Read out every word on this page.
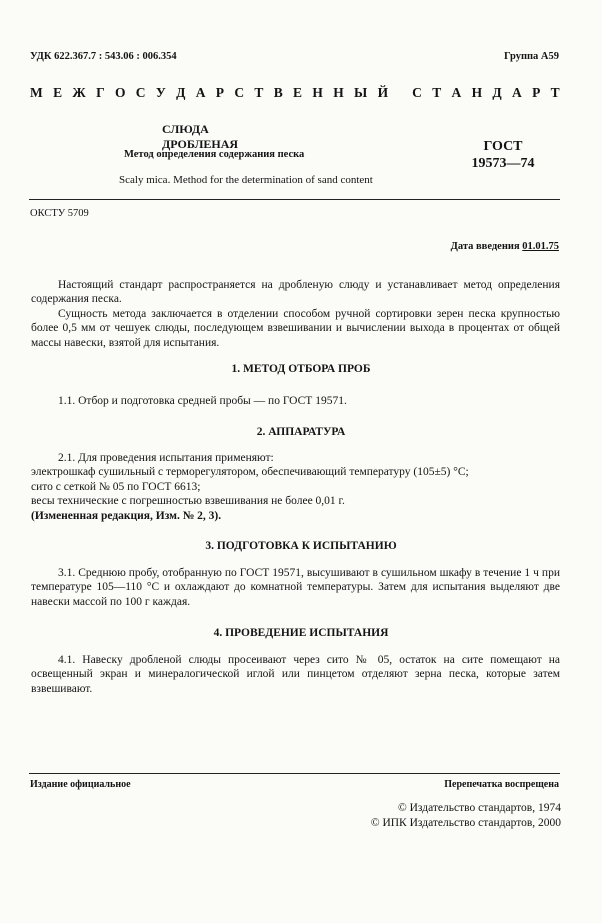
УДК 622.367.7 : 543.06 : 006.354	Группа А59
М Е Ж Г О С У Д А Р С Т В Е Н Н Ы Й
С Т А Н Д А Р Т
СЛЮДА ДРОБЛЕНАЯ
Метод определения содержания песка
Scaly mica. Method for the determination of sand content
ГОСТ
19573—74
ОКСТУ 5709
Дата введения 01.01.75

Настоящий стандарт распространяется на дробленую слюду и устанавливает метод определения содержания песка.

Сущность метода заключается в отделении способом ручной сортировки зерен песка крупностью более 0,5 мм от чешуек слюды, последующем взвешивании и вычислении выхода в процентах от общей массы навески, взятой для испытания.

1. МЕТОД ОТБОРА ПРОБ

1.1. Отбор и подготовка средней пробы — по ГОСТ 19571.

2. АППАРАТУРА
2.1. Для проведения испытания применяют:
электрошкаф сушильный с терморегулятором, обеспечивающий температуру (105±5) °С;
сито с сеткой № 05 по ГОСТ 6613;
весы технические с погрешностью взвешивания не более 0,01 г.
(Измененная редакция, Изм. № 2, 3).
3. ПОДГОТОВКА К ИСПЫТАНИЮ

3.1. Среднюю пробу, отобранную по ГОСТ 19571, высушивают в сушильном шкафу в течение 1 ч при температуре 105—110 °С и охлаждают до комнатной температуры. Затем для испытания выделяют две навески массой по 100 г каждая.

4. ПРОВЕДЕНИЕ ИСПЫТАНИЯ

4.1. Навеску дробленой слюды просеивают через сито № 05, остаток на сите помещают на освещенный экран и минералогической иглой или пинцетом отделяют зерна песка, которые затем взвешивают.

Издание официальное	Перепечатка воспрещена
© Издательство стандартов, 1974
© ИПК Издательство стандартов, 2000
